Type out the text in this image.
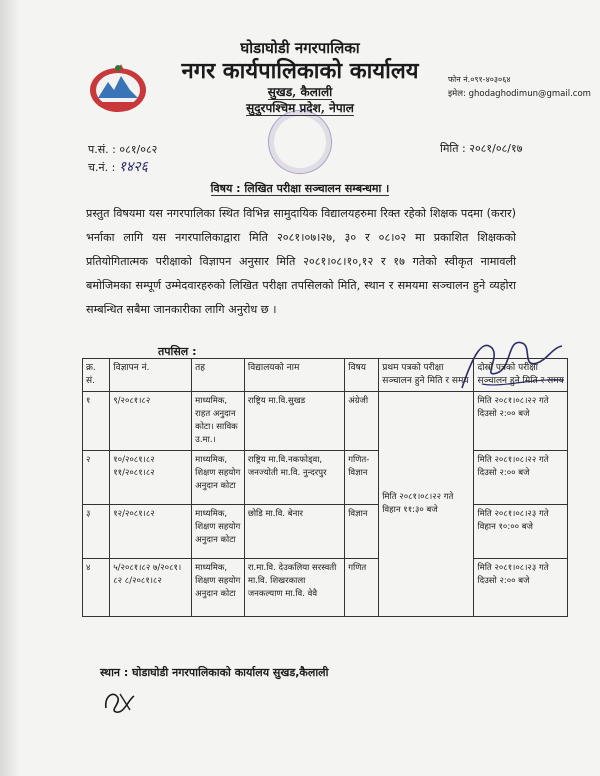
घोडाघोडी नगरपालिका
नगर कार्यपालिकाको कार्यालय
सुखड, कैलाली
सुदुरपश्चिम प्रदेश, नेपाल
फोन नं.०९१-४०३०६४
इमेल: ghodaghodimun@gmail.com
प.सं. : ०८१/०८२
च.नं. : १४२६
मिति : २०८१/०८/१७
विषय : लिखित परीक्षा सञ्चालन सम्बन्धमा ।
प्रस्तुत विषयमा यस नगरपालिका स्थित विभिन्न सामुदायिक विद्यालयहरुमा रिक्त रहेको शिक्षक पदमा (करार) भर्नाका लागि यस नगरपालिकाद्वारा मिति २०८१।०७।२७, ३० र ०८।०२ मा प्रकाशित शिक्षकको प्रतियोगितात्मक परीक्षाको विज्ञापन अनुसार मिति २०८१।०८।१०,१२ र १७ गतेको स्वीकृत नामावली बमोजिमका सम्पूर्ण उम्मेदवारहरुको लिखित परीक्षा तपसिलको मिति, स्थान र समयमा सञ्चालन हुने व्यहोरा सम्बन्धित सबैमा जानकारीका लागि अनुरोध छ ।
तपसिल :
क्र. सं.	विज्ञापन नं.	तह	विद्यालयको नाम	विषय	प्रथम पत्रको परीक्षा सञ्चालन हुने मिति र समय	दोस्रो पत्रको परीक्षा सञ्चालन हुने मिति र समय
१	९/२०८१।८२	माध्यमिक, राहत अनुदान कोटा। साविक उ.मा.।	राष्ट्रिय मा.वि.सुखड	अंग्रेजी	मिति २०८१।०८।२२ गते विहान ११:३० बजे	मिति २०८१।०८।२२ गते दिउसो २:०० बजे
२	१०/२०८१।८२ ११/२०८१।८२	माध्यमिक, शिक्षण सहयोग अनुदान कोटा	राष्ट्रिय मा.वि.नकफोड्वा, जनज्योती मा.वि. नुन्दरपुर	गणित-विज्ञान		मिति २०८१।०८।२२ गते दिउसो २:०० बजे
३	१२/२०८१।८२	माध्यमिक, शिक्षण सहयोग अनुदान कोटा	छोडि मा.वि. बेनार	विज्ञान		मिति २०८१।०८।२३ गते विहान १०:०० बजे
४	५/२०८१।८२ ७/२०८१।८२ ८/२०८१।८२	माध्यमिक, शिक्षण सहयोग अनुदान कोटा	रा.मा.वि. देउकलिया सरस्वती मा.वि. शिखरकाला जनकल्याण मा.वि. वेवै	गणित		मिति २०८१।०८।२३ गते दिउसो २:०० बजे
स्थान : घोडाघोडी नगरपालिकाको कार्यालय सुखड,कैलाली
